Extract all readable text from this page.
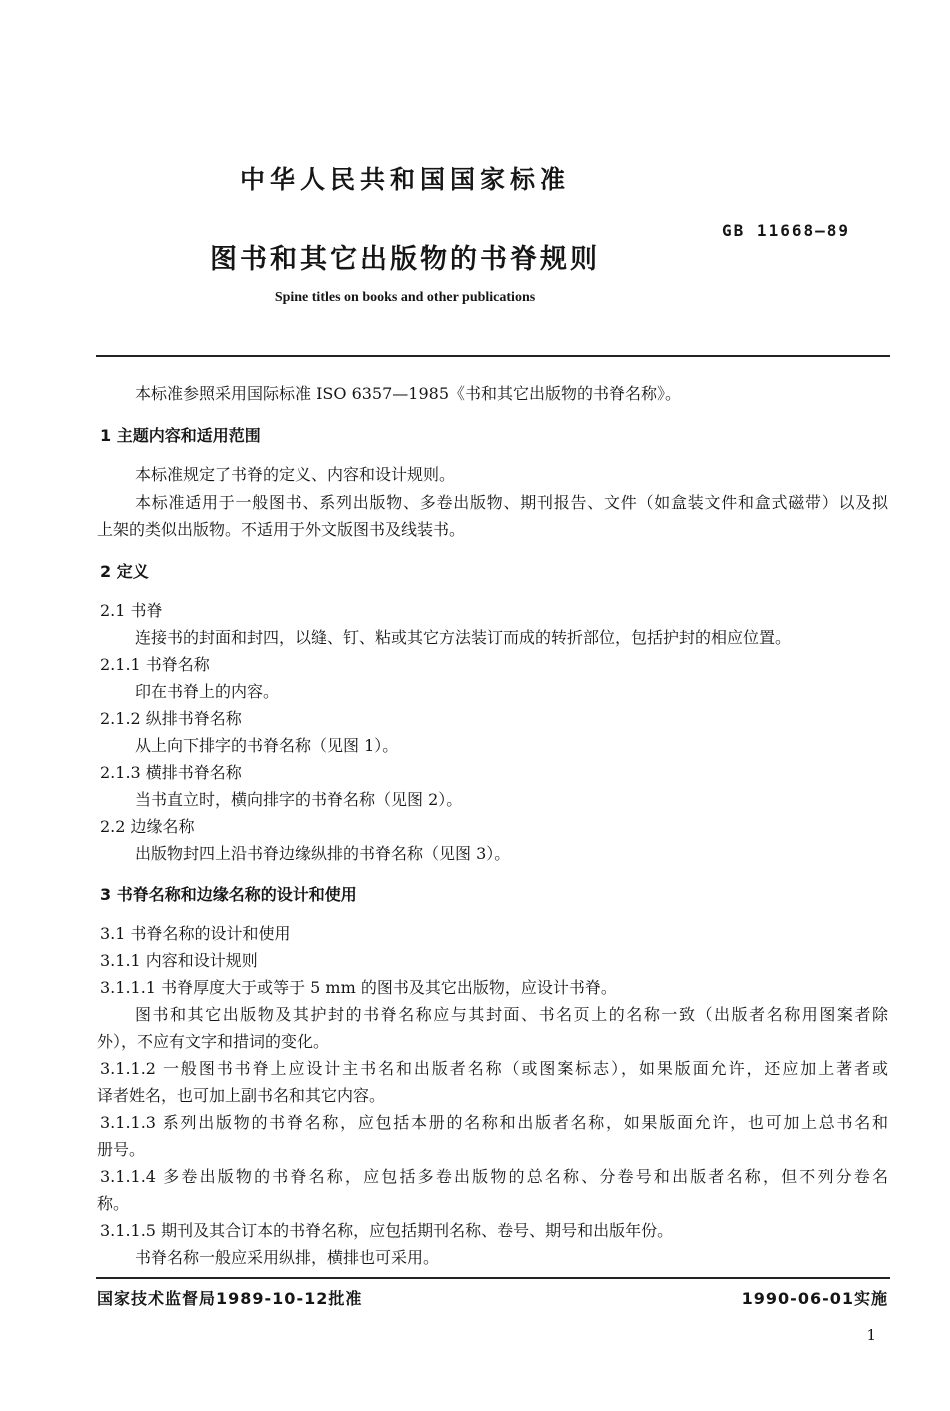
中华人民共和国国家标准
GB 11668—89
图书和其它出版物的书脊规则
Spine titles on books and other publications
本标准参照采用国际标准 ISO 6357—1985《书和其它出版物的书脊名称》。
1 主题内容和适用范围
本标准规定了书脊的定义、内容和设计规则。
本标准适用于一般图书、系列出版物、多卷出版物、期刊报告、文件（如盒装文件和盒式磁带）以及拟
上架的类似出版物。不适用于外文版图书及线装书。
2 定义
2.1 书脊
连接书的封面和封四，以缝、钉、粘或其它方法装订而成的转折部位，包括护封的相应位置。
2.1.1 书脊名称
印在书脊上的内容。
2.1.2 纵排书脊名称
从上向下排字的书脊名称（见图 1）。
2.1.3 横排书脊名称
当书直立时，横向排字的书脊名称（见图 2）。
2.2 边缘名称
出版物封四上沿书脊边缘纵排的书脊名称（见图 3）。
3 书脊名称和边缘名称的设计和使用
3.1 书脊名称的设计和使用
3.1.1 内容和设计规则
3.1.1.1 书脊厚度大于或等于 5 mm 的图书及其它出版物，应设计书脊。
图书和其它出版物及其护封的书脊名称应与其封面、书名页上的名称一致（出版者名称用图案者除
外），不应有文字和措词的变化。
3.1.1.2 一般图书书脊上应设计主书名和出版者名称（或图案标志），如果版面允许，还应加上著者或
译者姓名，也可加上副书名和其它内容。
3.1.1.3 系列出版物的书脊名称，应包括本册的名称和出版者名称，如果版面允许，也可加上总书名和
册号。
3.1.1.4 多卷出版物的书脊名称，应包括多卷出版物的总名称、分卷号和出版者名称，但不列分卷名
称。
3.1.1.5 期刊及其合订本的书脊名称，应包括期刊名称、卷号、期号和出版年份。
书脊名称一般应采用纵排，横排也可采用。
国家技术监督局1989-10-12批准	1990-06-01实施
1
